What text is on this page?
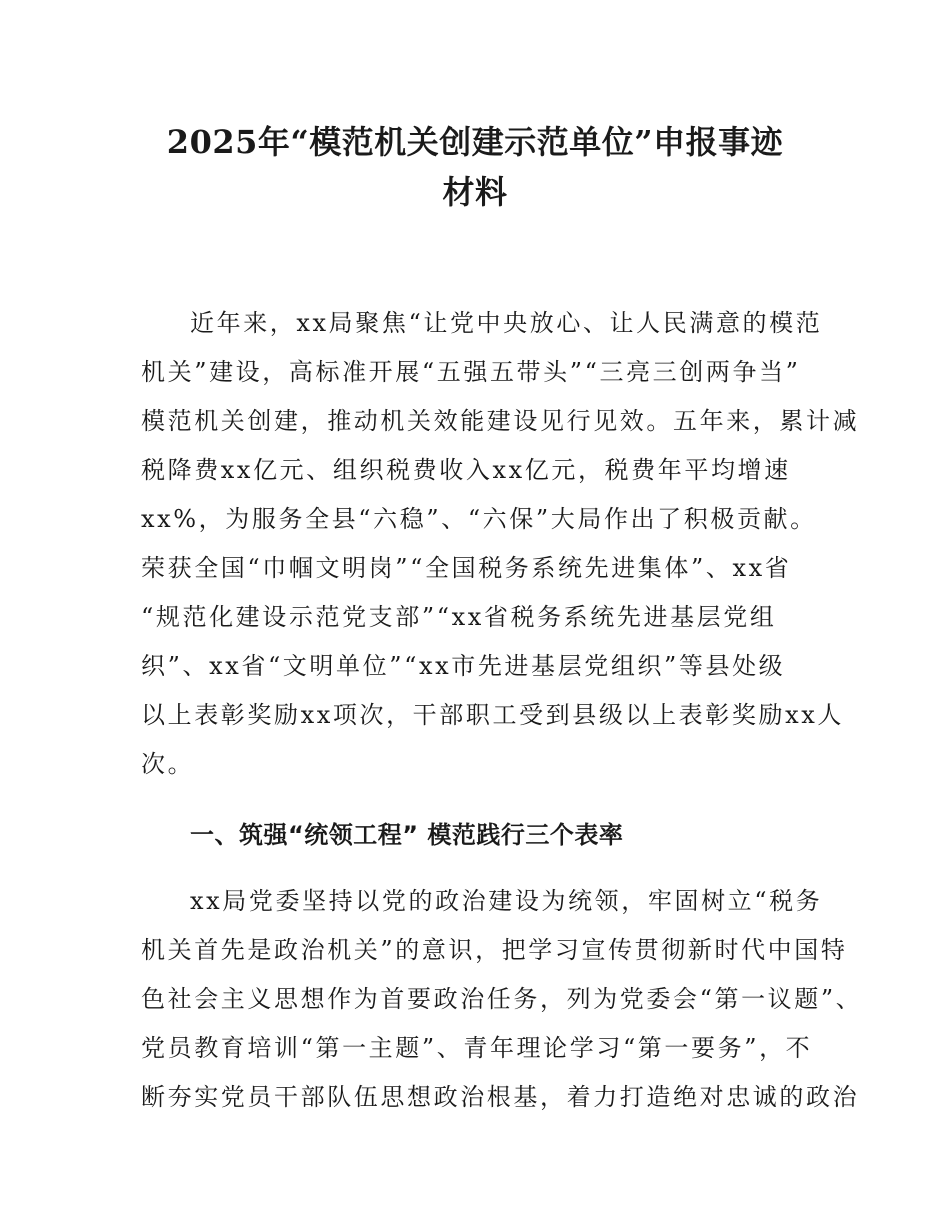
2025年“模范机关创建示范单位”申报事迹
材料
近年来，xx局聚焦“让党中央放心、让人民满意的模范
机关”建设，高标准开展“五强五带头”“三亮三创两争当”
模范机关创建，推动机关效能建设见行见效。五年来，累计减
税降费xx亿元、组织税费收入xx亿元，税费年平均增速
xx%，为服务全县“六稳”、“六保”大局作出了积极贡献。
荣获全国“巾帼文明岗”“全国税务系统先进集体”、xx省
“规范化建设示范党支部”“xx省税务系统先进基层党组
织”、xx省“文明单位”“xx市先进基层党组织”等县处级
以上表彰奖励xx项次，干部职工受到县级以上表彰奖励xx人
次。
一、筑强“统领工程” 模范践行三个表率
xx局党委坚持以党的政治建设为统领，牢固树立“税务
机关首先是政治机关”的意识，把学习宣传贯彻新时代中国特
色社会主义思想作为首要政治任务，列为党委会“第一议题”、
党员教育培训“第一主题”、青年理论学习“第一要务”，不
断夯实党员干部队伍思想政治根基，着力打造绝对忠诚的政治
